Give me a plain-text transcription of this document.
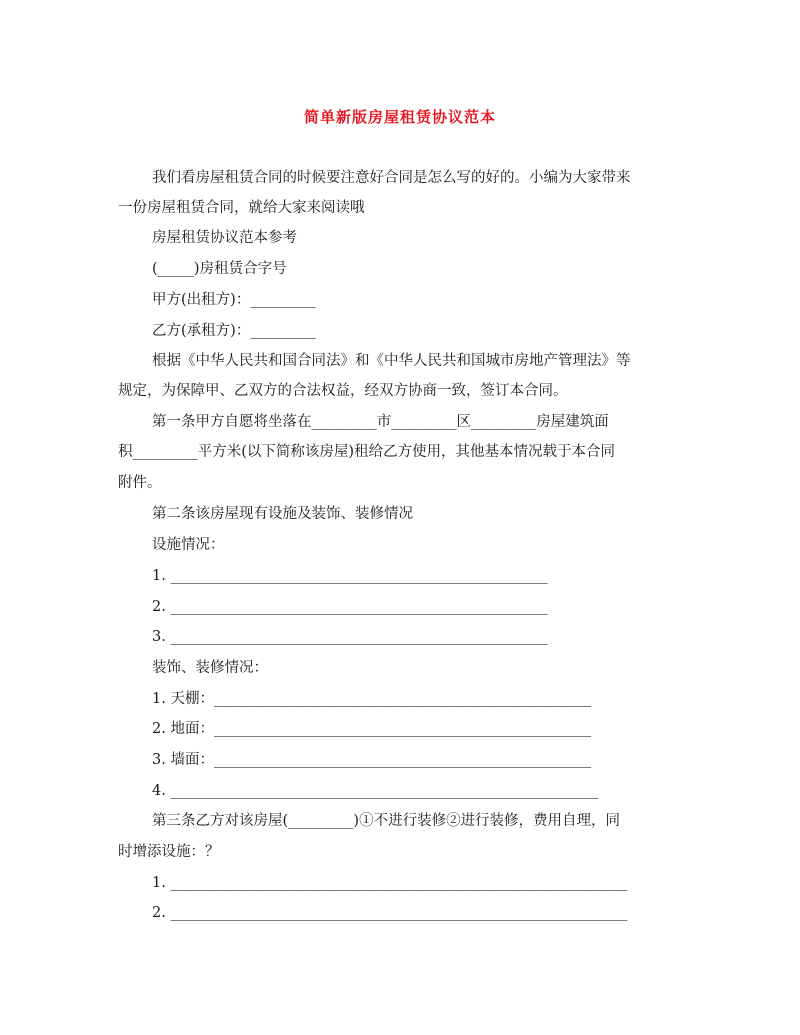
简单新版房屋租赁协议范本
我们看房屋租赁合同的时候要注意好合同是怎么写的好的。小编为大家带来
一份房屋租赁合同，就给大家来阅读哦
房屋租赁协议范本参考
(_____)房租赁合字号
甲方(出租方)：_________
乙方(承租方)：_________
根据《中华人民共和国合同法》和《中华人民共和国城市房地产管理法》等
规定，为保障甲、乙双方的合法权益，经双方协商一致，签订本合同。
第一条甲方自愿将坐落在_________市_________区_________房屋建筑面
积_________平方米(以下简称该房屋)租给乙方使用，其他基本情况载于本合同
附件。
第二条该房屋现有设施及装饰、装修情况
设施情况：
1. ____________________________________________________
2. ____________________________________________________
3. ____________________________________________________
装饰、装修情况：
1. 天棚：____________________________________________________
2. 地面：____________________________________________________
3. 墙面：____________________________________________________
4. ___________________________________________________________
第三条乙方对该房屋(_________)①不进行装修②进行装修，费用自理，同
时增添设施：？
1. _______________________________________________________________
2. _______________________________________________________________
